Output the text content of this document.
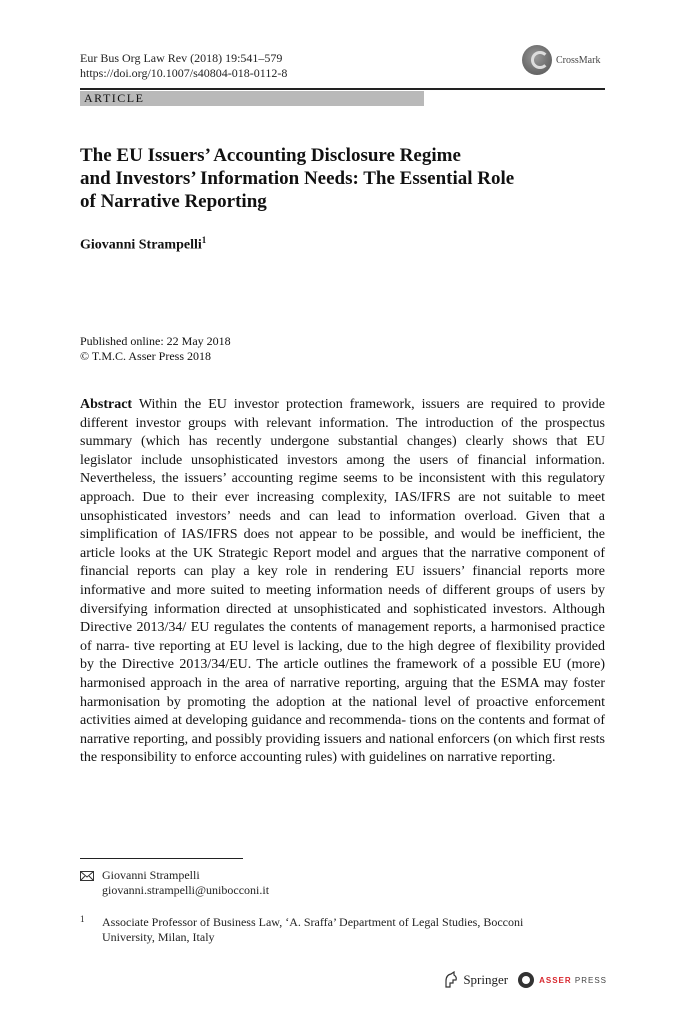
Eur Bus Org Law Rev (2018) 19:541–579
https://doi.org/10.1007/s40804-018-0112-8
CrossMark
ARTICLE
The EU Issuers’ Accounting Disclosure Regime
and Investors’ Information Needs: The Essential Role
of Narrative Reporting
Giovanni Strampelli$^1$
Published online: 22 May 2018
© T.M.C. Asser Press 2018

Abstract Within the EU investor protection framework, issuers are required to provide different investor groups with relevant information. The introduction of the prospectus summary (which has recently undergone substantial changes) clearly shows that EU legislator include unsophisticated investors among the users of financial information. Nevertheless, the issuers’ accounting regime seems to be inconsistent with this regulatory approach. Due to their ever increasing complexity, IAS/IFRS are not suitable to meet unsophisticated investors’ needs and can lead to information overload. Given that a simplification of IAS/IFRS does not appear to be possible, and would be inefficient, the article looks at the UK Strategic Report model and argues that the narrative component of financial reports can play a key role in rendering EU issuers’ financial reports more informative and more suited to meeting information needs of different groups of users by diversifying information directed at unsophisticated and sophisticated investors. Although Directive 2013/34/ EU regulates the contents of management reports, a harmonised practice of narra- tive reporting at EU level is lacking, due to the high degree of flexibility provided by the Directive 2013/34/EU. The article outlines the framework of a possible EU (more) harmonised approach in the area of narrative reporting, arguing that the ESMA may foster harmonisation by promoting the adoption at the national level of proactive enforcement activities aimed at developing guidance and recommenda- tions on the contents and format of narrative reporting, and possibly providing issuers and national enforcers (on which first rests the responsibility to enforce accounting rules) with guidelines on narrative reporting.

Giovanni Strampelli
giovanni.strampelli@unibocconi.it
1 Associate Professor of Business Law, ‘A. Sraffa’ Department of Legal Studies, Bocconi
University, Milan, Italy
Springer	ASSER PRESS
